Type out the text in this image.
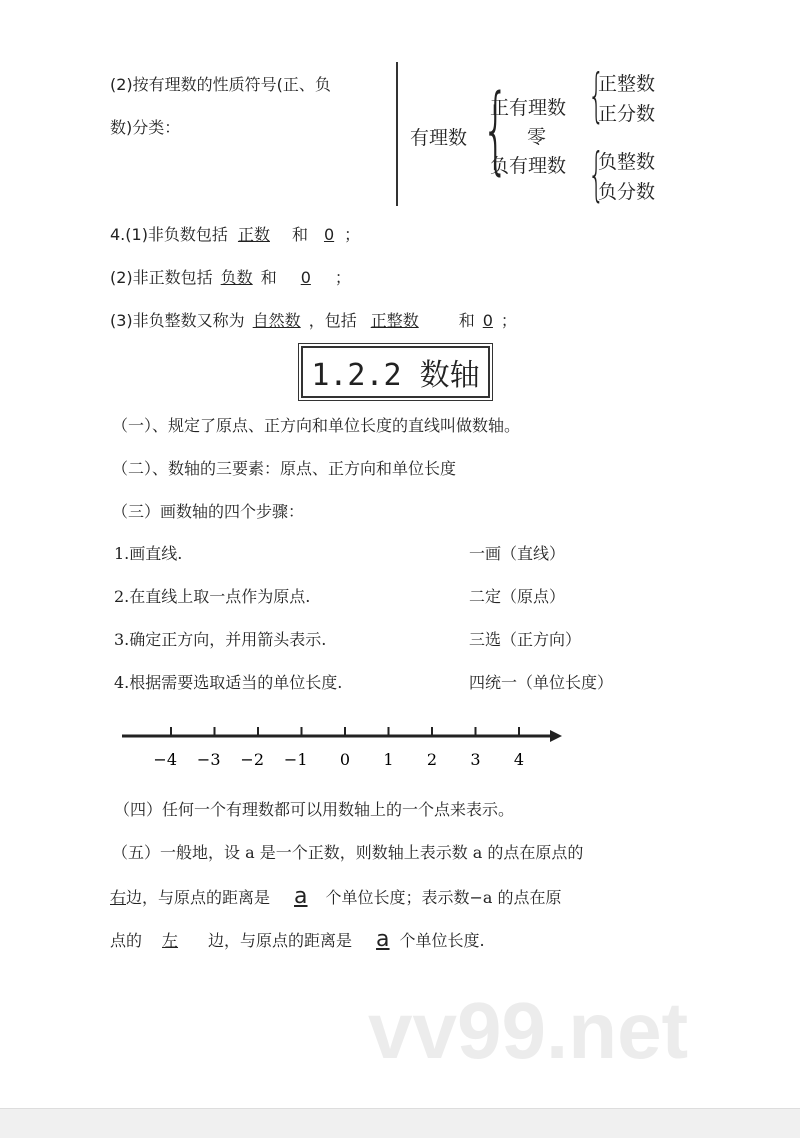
(2)按有理数的性质符号(正、负
数)分类：	有理数 {
正有理数
零
负有理数
{
{
正整数
正分数
负整数
负分数
4.(1)非负数包括 正数 和 0 ；
(2)非正数包括 负数 和 0 ；
(3)非负整数又称为 自然数 ，包括 正整数	和 0 ；
1.2.2 数轴
（一）、规定了原点、正方向和单位长度的直线叫做数轴。
（二）、数轴的三要素：原点、正方向和单位长度
（三）画数轴的四个步骤：
1.画直线.	一画（直线）
2.在直线上取一点作为原点.	二定（原点）
3.确定正方向，并用箭头表示.	三选（正方向）
4.根据需要选取适当的单位长度.	四统一（单位长度）
−4 −3 −2 −1 0 1 2 3 4
（四）任何一个有理数都可以用数轴上的一个点来表示。
（五）一般地，设 a 是一个正数，则数轴上表示数 a 的点在原点的
右边，与原点的距离是 a 个单位长度；表示数−a 的点在原
点的 左 边，与原点的距离是 a 个单位长度.
vv99.net
